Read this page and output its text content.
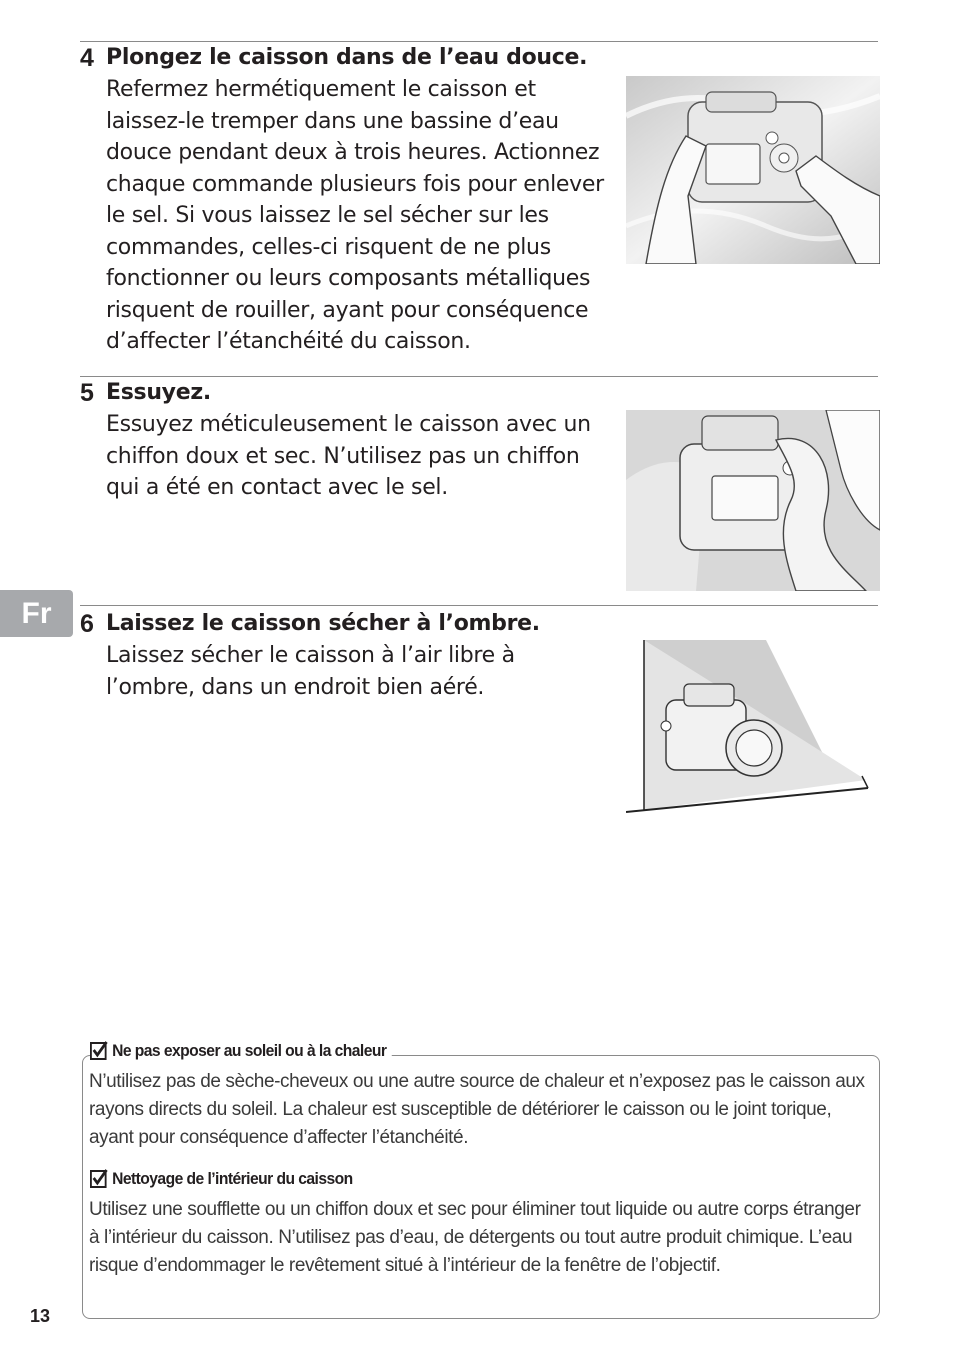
4 Plongez le caisson dans de l’eau douce.

Refermez hermétiquement le caisson et laissez-le tremper dans une bassine d’eau douce pendant deux à trois heures. Actionnez chaque commande plusieurs fois pour enlever le sel. Si vous laissez le sel sécher sur les commandes, celles-ci risquent de ne plus fonctionner ou leurs composants métalliques risquent de rouiller, ayant pour conséquence d’affecter l’étanchéité du caisson.

5 Essuyez.

Essuyez méticuleusement le caisson avec un chiffon doux et sec. N’utilisez pas un chiffon qui a été en contact avec le sel.

6 Laissez le caisson sécher à l’ombre.

Laissez sécher le caisson à l’air libre à l’ombre, dans un endroit bien aéré.

Fr
Ne pas exposer au soleil ou à la chaleur

N’utilisez pas de sèche-cheveux ou une autre source de chaleur et n’exposez pas le caisson aux rayons directs du soleil. La chaleur est susceptible de détériorer le caisson ou le joint torique, ayant pour conséquence d’affecter l’étanchéité.

Nettoyage de l’intérieur du caisson

Utilisez une soufflette ou un chiffon doux et sec pour éliminer tout liquide ou autre corps étranger à l’intérieur du caisson. N’utilisez pas d’eau, de détergents ou tout autre produit chimique. L’eau risque d’endommager le revêtement situé à l’intérieur de la fenêtre de l’objectif.

13
